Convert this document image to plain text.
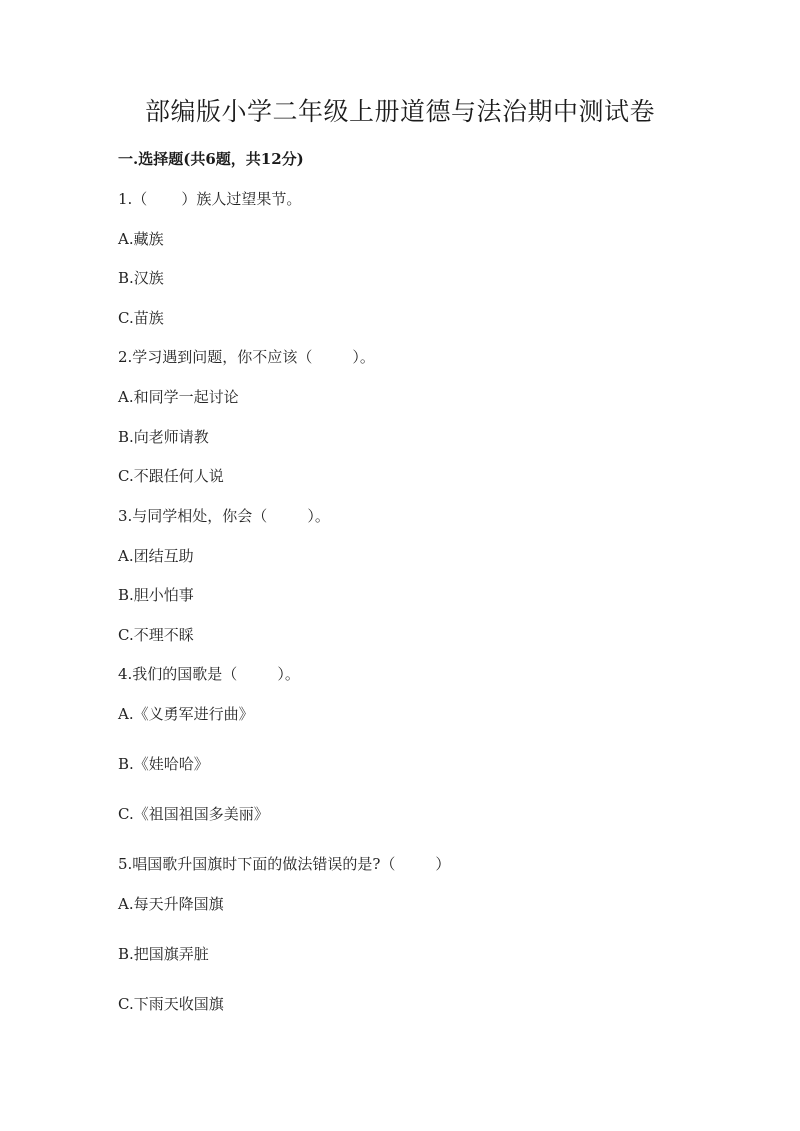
部编版小学二年级上册道德与法治期中测试卷
一.选择题(共6题，共12分)
1.（ ）族人过望果节。
A.藏族
B.汉族
C.苗族
2.学习遇到问题，你不应该（	）。
A.和同学一起讨论
B.向老师请教
C.不跟任何人说
3.与同学相处，你会（	）。
A.团结互助
B.胆小怕事
C.不理不睬
4.我们的国歌是（	）。
A.《义勇军进行曲》
B.《娃哈哈》
C.《祖国祖国多美丽》
5.唱国歌升国旗时下面的做法错误的是?（	）
A.每天升降国旗
B.把国旗弄脏
C.下雨天收国旗
